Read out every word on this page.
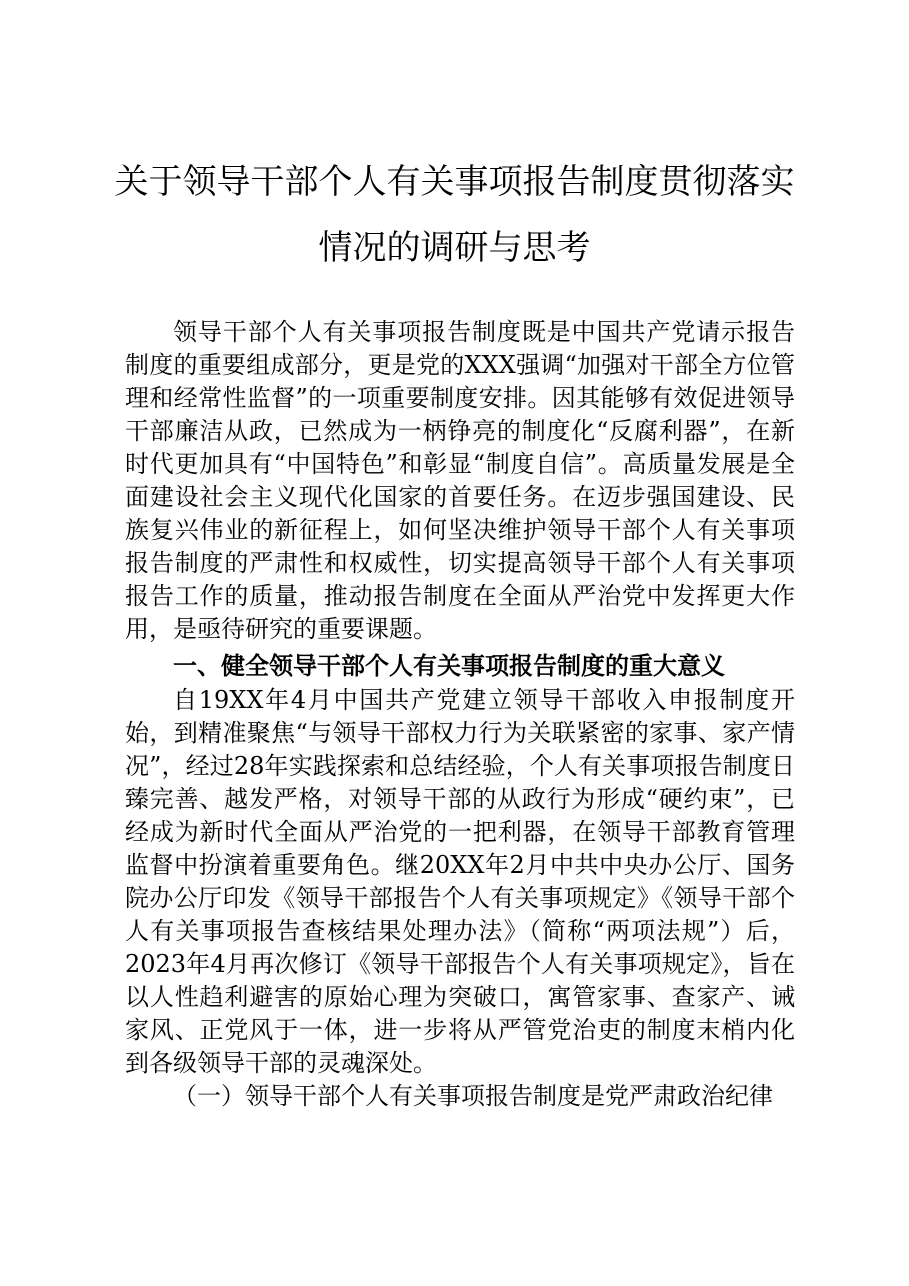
关于领导干部个人有关事项报告制度贯彻落实
情况的调研与思考

领导干部个人有关事项报告制度既是中国共产党请示报告制度的重要组成部分，更是党的XXX强调“加强对干部全方位管理和经常性监督”的一项重要制度安排。因其能够有效促进领导干部廉洁从政，已然成为一柄铮亮的制度化“反腐利器”，在新时代更加具有“中国特色”和彰显“制度自信”。高质量发展是全面建设社会主义现代化国家的首要任务。在迈步强国建设、民族复兴伟业的新征程上，如何坚决维护领导干部个人有关事项报告制度的严肃性和权威性，切实提高领导干部个人有关事项报告工作的质量，推动报告制度在全面从严治党中发挥更大作用，是亟待研究的重要课题。

一、健全领导干部个人有关事项报告制度的重大意义

自19XX年4月中国共产党建立领导干部收入申报制度开始，到精准聚焦“与领导干部权力行为关联紧密的家事、家产情况”，经过28年实践探索和总结经验，个人有关事项报告制度日臻完善、越发严格，对领导干部的从政行为形成“硬约束”，已经成为新时代全面从严治党的一把利器，在领导干部教育管理监督中扮演着重要角色。继20XX年2月中共中央办公厅、国务院办公厅印发《领导干部报告个人有关事项规定》《领导干部个人有关事项报告查核结果处理办法》（简称“两项法规”）后，2023年4月再次修订《领导干部报告个人有关事项规定》，旨在以人性趋利避害的原始心理为突破口，寓管家事、查家产、诫家风、正党风于一体，进一步将从严管党治吏的制度末梢内化到各级领导干部的灵魂深处。

（一）领导干部个人有关事项报告制度是党严肃政治纪律
